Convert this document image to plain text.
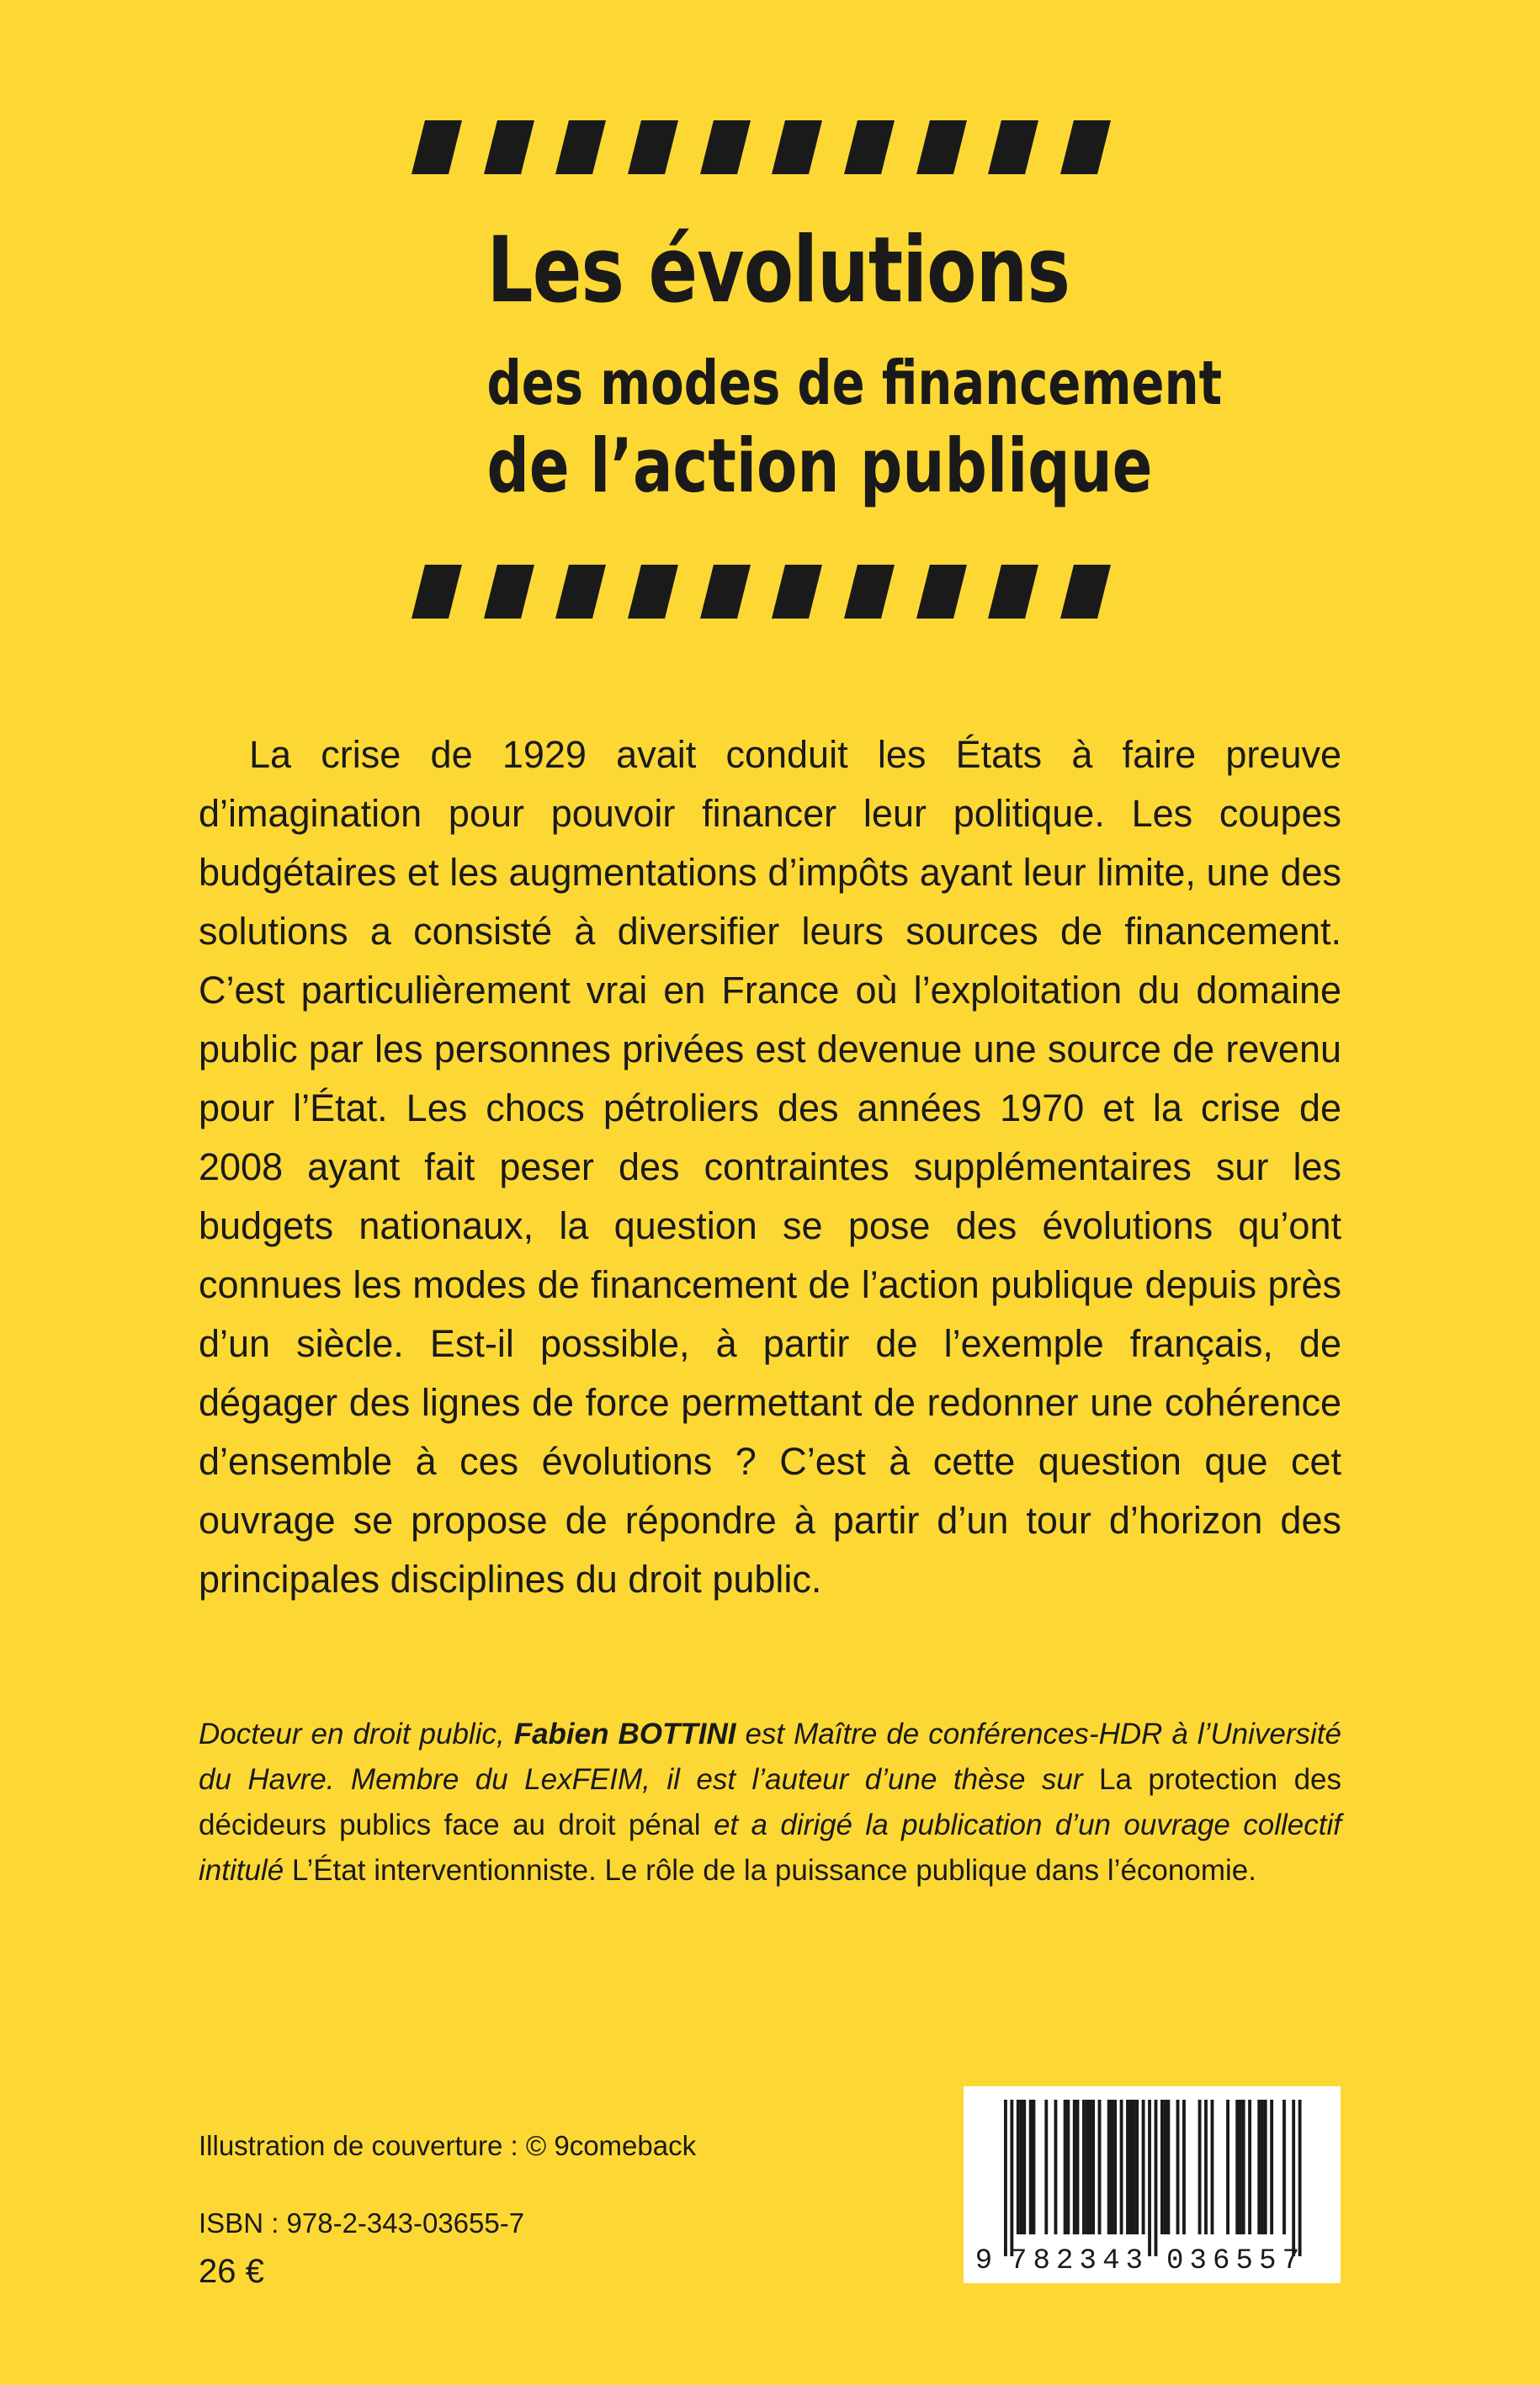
Les évolutions
des modes de financement
de l’action publique

La crise de 1929 avait conduit les États à faire preuve d’imagination pour pouvoir financer leur politique. Les coupes budgétaires et les augmentations d’impôts ayant leur limite, une des solutions a consisté à diversifier leurs sources de financement. C’est particulièrement vrai en France où l’exploitation du domaine public par les personnes privées est devenue une source de revenu pour l’État. Les chocs pétroliers des années 1970 et la crise de 2008 ayant fait peser des contraintes supplémentaires sur les budgets nationaux, la question se pose des évolutions qu’ont connues les modes de financement de l’action publique depuis près d’un siècle. Est-il possible, à partir de l’exemple français, de dégager des lignes de force permettant de redonner une cohérence d’ensemble à ces évolutions ? C’est à cette question que cet ouvrage se propose de répondre à partir d’un tour d’horizon des principales disciplines du droit public.

Docteur en droit public, Fabien BOTTINI est Maître de conférences-HDR à l’Université du Havre. Membre du LexFEIM, il est l’auteur d’une thèse sur La protection des décideurs publics face au droit pénal et a dirigé la publication d’un ouvrage collectif intitulé L’État interventionniste. Le rôle de la puissance publique dans l’économie.

Illustration de couverture : © 9comeback

ISBN : 978-2-343-03655-7

26 €	9 782343 036557
